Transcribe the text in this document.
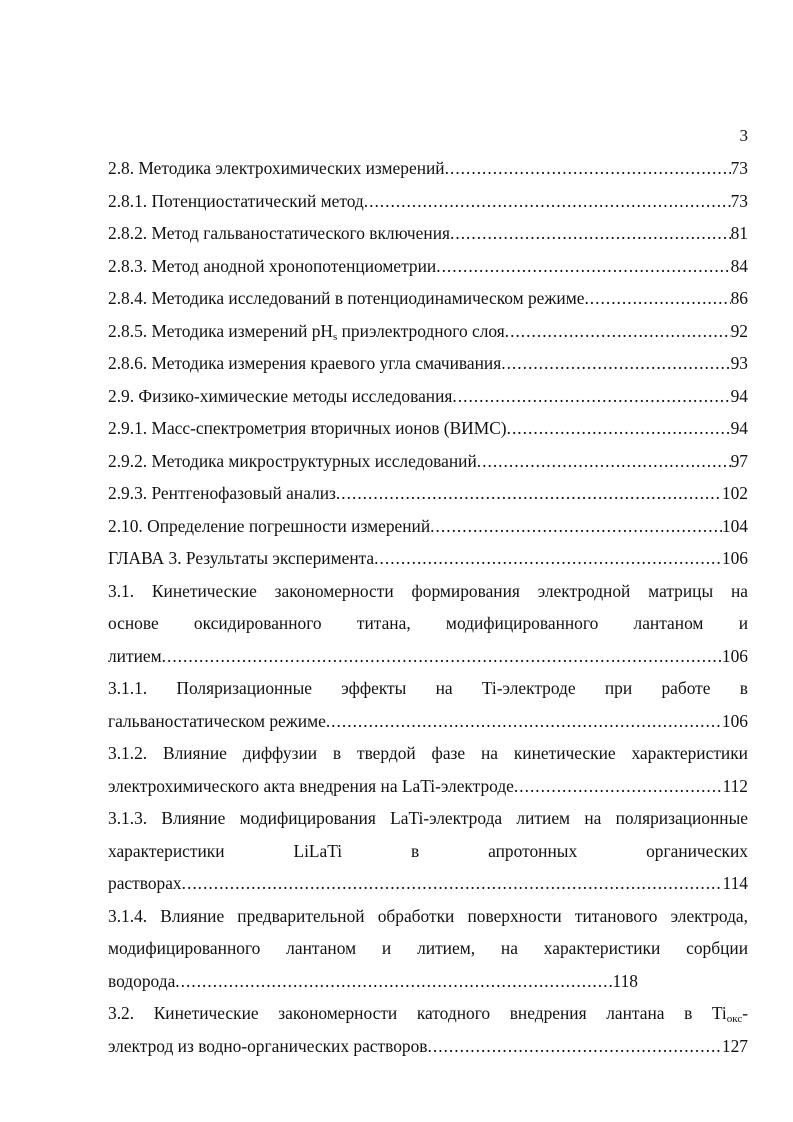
3
2.8. Методика электрохимических измерений .....	73
2.8.1. Потенциостатический метод .....	73
2.8.2. Метод гальваностатического включения .....	81
2.8.3. Метод анодной хронопотенциометрии .....	84
2.8.4. Методика исследований в потенциодинамическом режиме .....	86
2.8.5. Методика измерений $pH_s$ приэлектродного слоя .....	92
2.8.6. Методика измерения краевого угла смачивания .....	93
2.9. Физико-химические методы исследования .....	94
2.9.1. Масс-спектрометрия вторичных ионов (ВИМС) .....	94
2.9.2. Методика микроструктурных исследований .....	97
2.9.3. Рентгенофазовый анализ .....	102
2.10. Определение погрешности измерений .....	104
ГЛАВА 3. Результаты эксперимента .....	106
3.1. Кинетические закономерности формирования электродной матрицы на
основе оксидированного титана, модифицированного лантаном и
литием .....	106
3.1.1. Поляризационные эффекты на Ti-электроде при работе в
гальваностатическом режиме .....	106
3.1.2. Влияние диффузии в твердой фазе на кинетические характеристики
электрохимического акта внедрения на LaTi-электроде .....	112
3.1.3. Влияние модифицирования LaTi-электрода литием на поляризационные
характеристики LiLaTi в апротонных органических
растворах .....	114
3.1.4. Влияние предварительной обработки поверхности титанового электрода,
модифицированного лантаном и литием, на характеристики сорбции
водорода .....	118
3.2. Кинетические закономерности катодного внедрения лантана в $Ti_{окс}-$
электрод из водно-органических растворов .....	127
